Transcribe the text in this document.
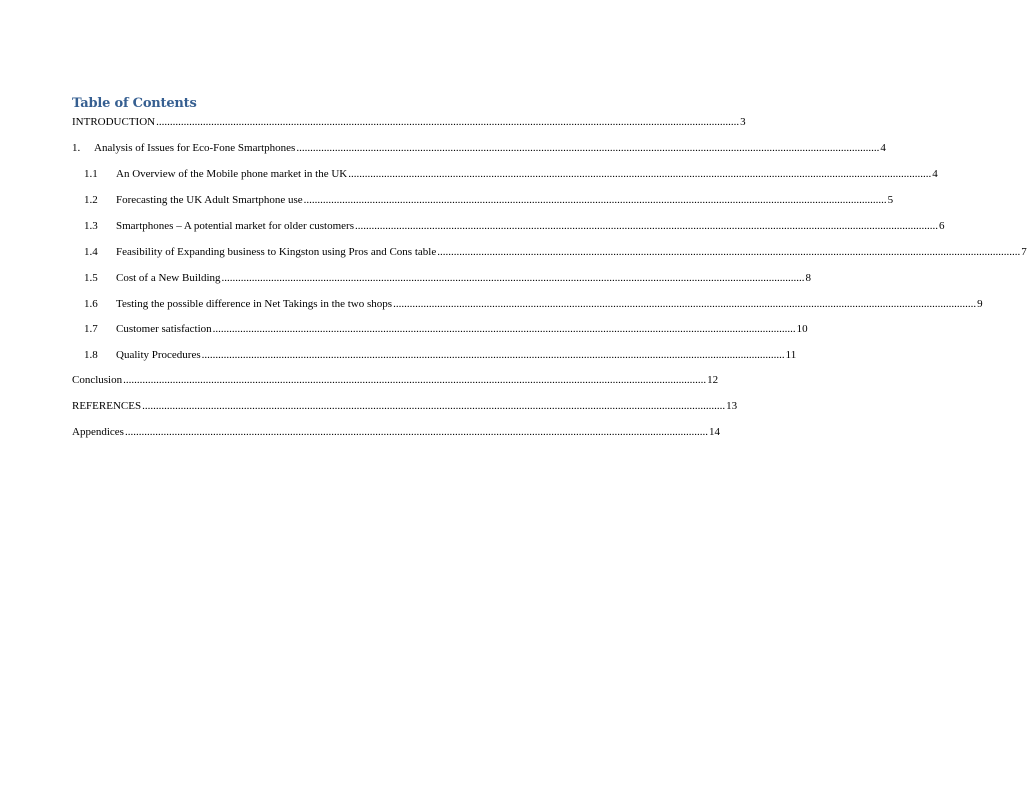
Table of Contents
INTRODUCTION .....	3
1.	Analysis of Issues for Eco-Fone Smartphones .....	4
1.1	An Overview of the Mobile phone market in the UK .....	4
1.2	Forecasting the UK Adult Smartphone use .....	5
1.3	Smartphones – A potential market for older customers .....	6
1.4	Feasibility of Expanding business to Kingston using Pros and Cons table .....	7
1.5	Cost of a New Building .....	8
1.6	Testing the possible difference in Net Takings in the two shops .....	9
1.7	Customer satisfaction .....	10
1.8	Quality Procedures .....	11
Conclusion .....	12
REFERENCES .....	13
Appendices .....	14
